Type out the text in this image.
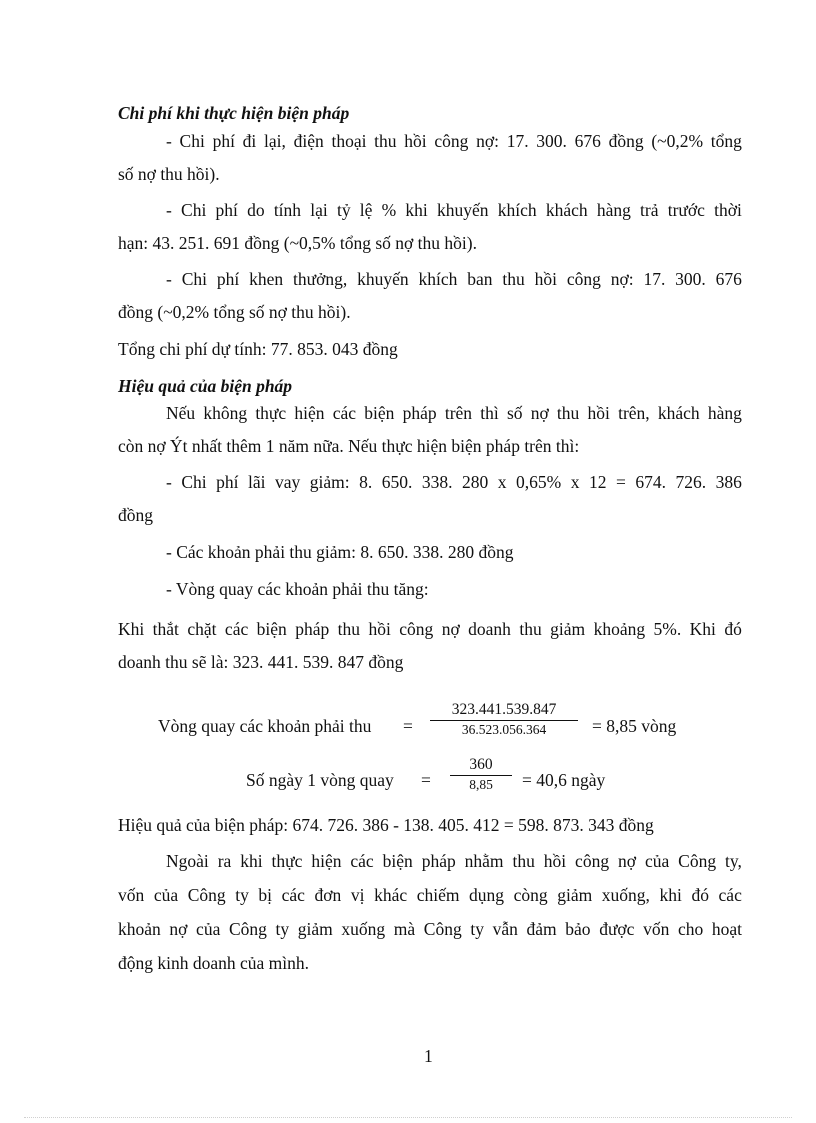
Chi phí khi thực hiện biện pháp
- Chi phí đi lại, điện thoại thu hồi công nợ: 17. 300. 676 đồng (~0,2% tổng
số nợ thu hồi).
- Chi phí do tính lại tỷ lệ % khi khuyến khích khách hàng trả trước thời
hạn: 43. 251. 691 đồng (~0,5% tổng số nợ thu hồi).
- Chi phí khen thưởng, khuyến khích ban thu hồi công nợ: 17. 300. 676
đồng (~0,2% tổng số nợ thu hồi).
Tổng chi phí dự tính: 77. 853. 043 đồng
Hiệu quả của biện pháp
Nếu không thực hiện các biện pháp trên thì số nợ thu hồi trên, khách hàng
còn nợ Ýt nhất thêm 1 năm nữa. Nếu thực hiện biện pháp trên thì:
- Chi phí lãi vay giảm: 8. 650. 338. 280 x 0,65% x 12 = 674. 726. 386
đồng
- Các khoản phải thu giảm: 8. 650. 338. 280 đồng
- Vòng quay các khoản phải thu tăng:
Khi thắt chặt các biện pháp thu hồi công nợ doanh thu giảm khoảng 5%. Khi đó
doanh thu sẽ là: 323. 441. 539. 847 đồng
Vòng quay các khoản phải thu =
323.441.539.847
36.523.056.364	= 8,85 vòng
Số ngày 1 vòng quay =
360
8,85	= 40,6 ngày
Hiệu quả của biện pháp: 674. 726. 386 - 138. 405. 412 = 598. 873. 343 đồng
Ngoài ra khi thực hiện các biện pháp nhằm thu hồi công nợ của Công ty,
vốn của Công ty bị các đơn vị khác chiếm dụng còng giảm xuống, khi đó các
khoản nợ của Công ty giảm xuống mà Công ty vẫn đảm bảo được vốn cho hoạt
động kinh doanh của mình.
1
